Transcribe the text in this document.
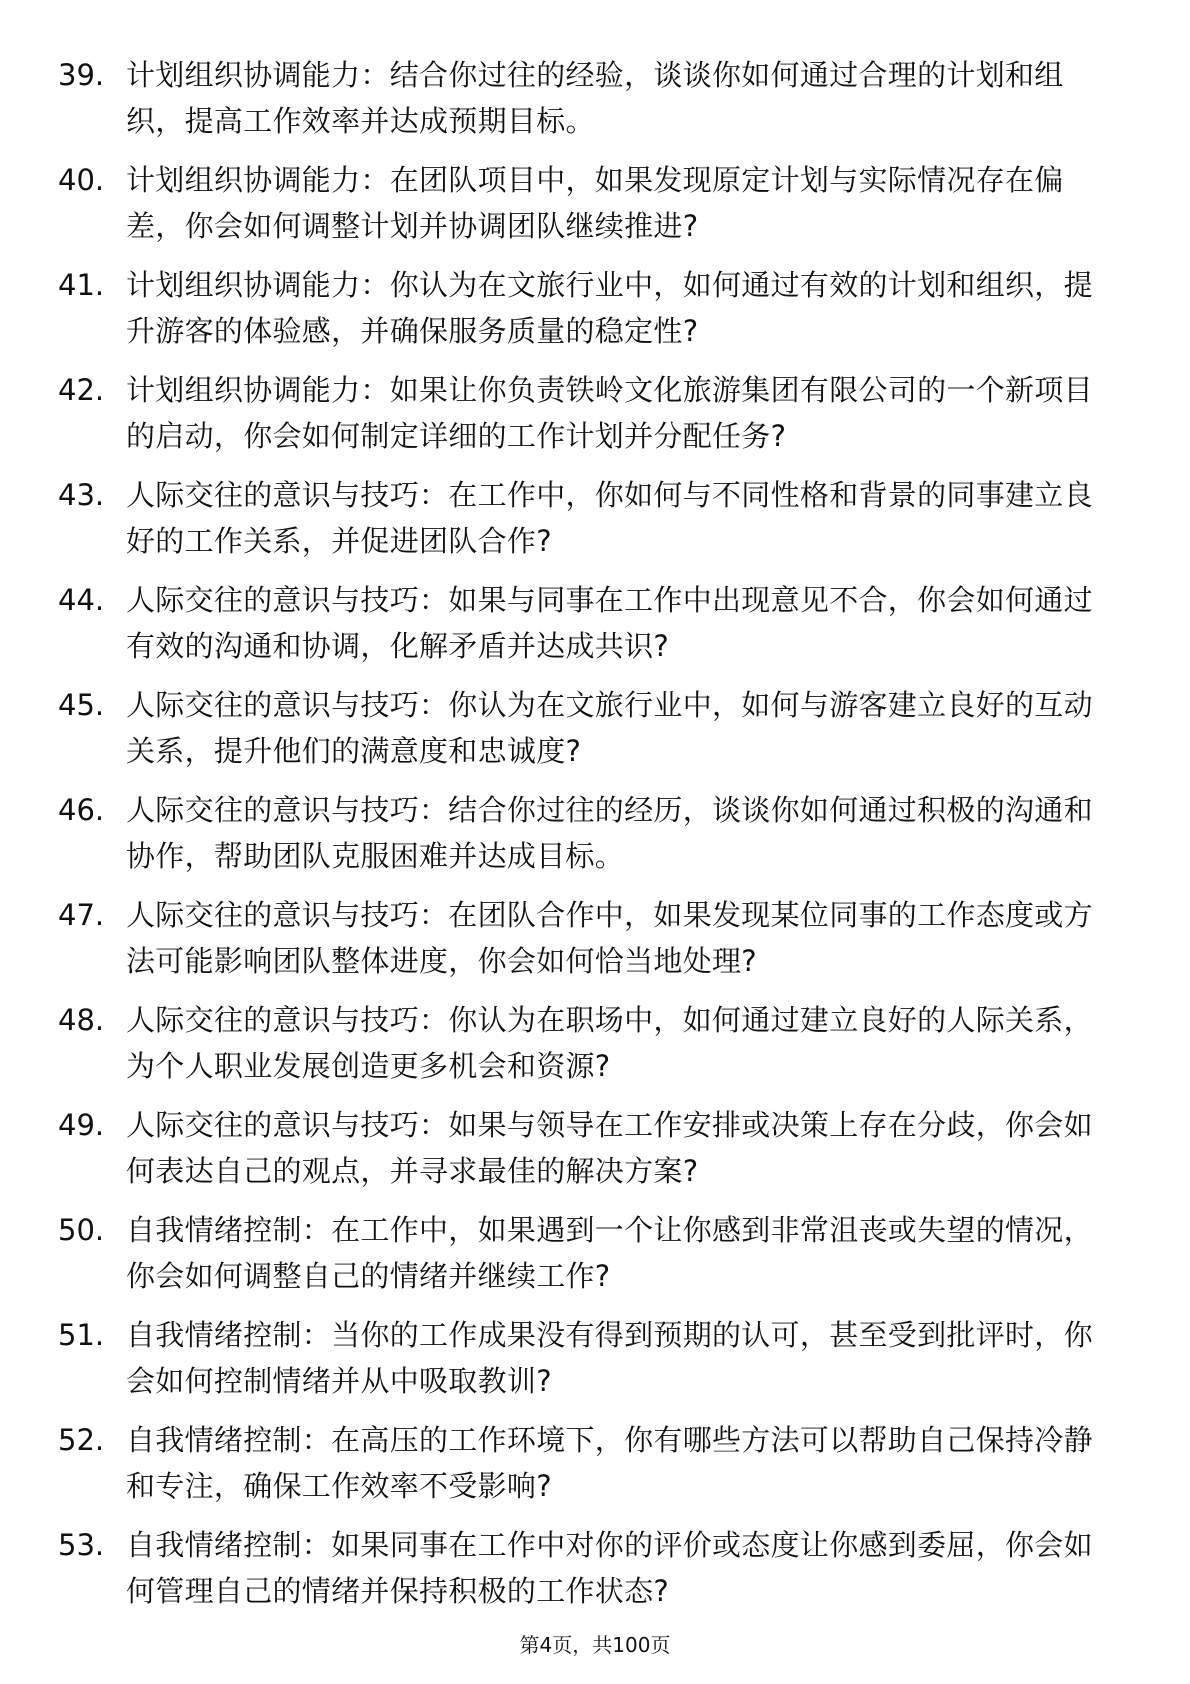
39. 计划组织协调能力：结合你过往的经验，谈谈你如何通过合理的计划和组织，提高工作效率并达成预期目标。
40. 计划组织协调能力：在团队项目中，如果发现原定计划与实际情况存在偏差，你会如何调整计划并协调团队继续推进?
41. 计划组织协调能力：你认为在文旅行业中，如何通过有效的计划和组织，提升游客的体验感，并确保服务质量的稳定性?
42. 计划组织协调能力：如果让你负责铁岭文化旅游集团有限公司的一个新项目的启动，你会如何制定详细的工作计划并分配任务?
43. 人际交往的意识与技巧：在工作中，你如何与不同性格和背景的同事建立良好的工作关系，并促进团队合作?
44. 人际交往的意识与技巧：如果与同事在工作中出现意见不合，你会如何通过有效的沟通和协调，化解矛盾并达成共识?
45. 人际交往的意识与技巧：你认为在文旅行业中，如何与游客建立良好的互动关系，提升他们的满意度和忠诚度?
46. 人际交往的意识与技巧：结合你过往的经历，谈谈你如何通过积极的沟通和协作，帮助团队克服困难并达成目标。
47. 人际交往的意识与技巧：在团队合作中，如果发现某位同事的工作态度或方法可能影响团队整体进度，你会如何恰当地处理?
48. 人际交往的意识与技巧：你认为在职场中，如何通过建立良好的人际关系，为个人职业发展创造更多机会和资源?
49. 人际交往的意识与技巧：如果与领导在工作安排或决策上存在分歧，你会如何表达自己的观点，并寻求最佳的解决方案?
50. 自我情绪控制：在工作中，如果遇到一个让你感到非常沮丧或失望的情况，你会如何调整自己的情绪并继续工作?
51. 自我情绪控制：当你的工作成果没有得到预期的认可，甚至受到批评时，你会如何控制情绪并从中吸取教训?
52. 自我情绪控制：在高压的工作环境下，你有哪些方法可以帮助自己保持冷静和专注，确保工作效率不受影响?
53. 自我情绪控制：如果同事在工作中对你的评价或态度让你感到委屈，你会如何管理自己的情绪并保持积极的工作状态?
第4页，共100页
